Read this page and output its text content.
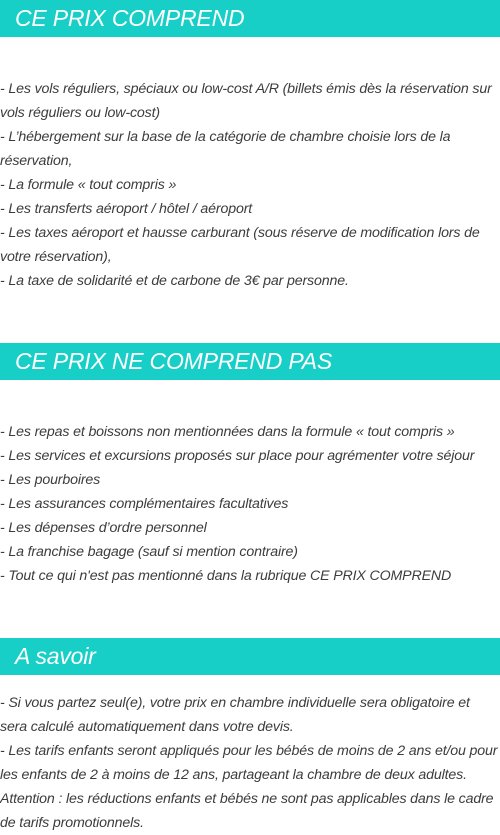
CE PRIX COMPREND
- Les vols réguliers, spéciaux ou low-cost A/R (billets émis dès la réservation sur
vols réguliers ou low-cost)
- L’hébergement sur la base de la catégorie de chambre choisie lors de la
réservation,
- La formule « tout compris »
- Les transferts aéroport / hôtel / aéroport
- Les taxes aéroport et hausse carburant (sous réserve de modification lors de
votre réservation),
- La taxe de solidarité et de carbone de 3€ par personne.
CE PRIX NE COMPREND PAS
- Les repas et boissons non mentionnées dans la formule « tout compris »
- Les services et excursions proposés sur place pour agrémenter votre séjour
- Les pourboires
- Les assurances complémentaires facultatives
- Les dépenses d’ordre personnel
- La franchise bagage (sauf si mention contraire)
- Tout ce qui n'est pas mentionné dans la rubrique CE PRIX COMPREND
A savoir
- Si vous partez seul(e), votre prix en chambre individuelle sera obligatoire et
sera calculé automatiquement dans votre devis.
- Les tarifs enfants seront appliqués pour les bébés de moins de 2 ans et/ou pour
les enfants de 2 à moins de 12 ans, partageant la chambre de deux adultes.
Attention : les réductions enfants et bébés ne sont pas applicables dans le cadre
de tarifs promotionnels.
